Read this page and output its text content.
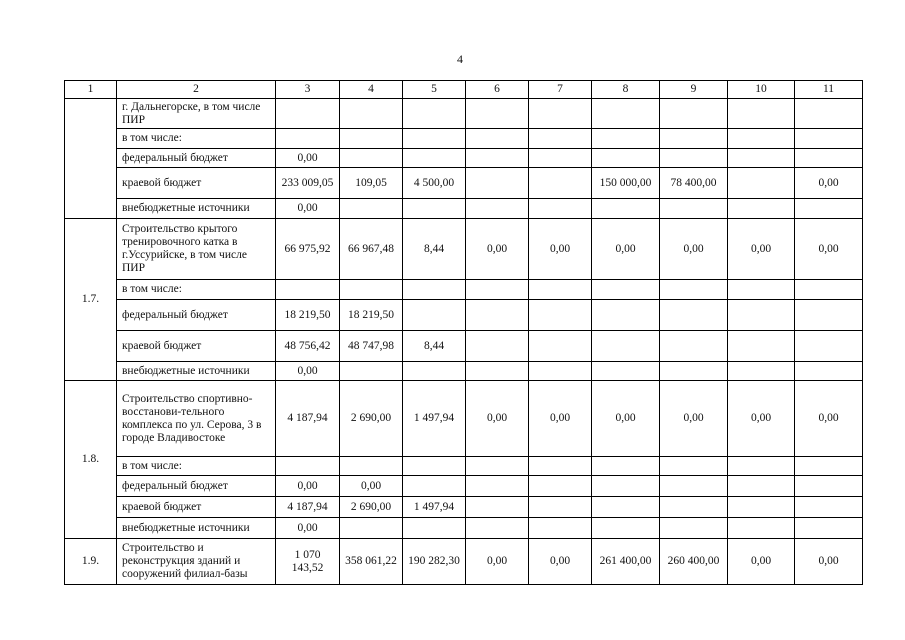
4
1	2	3	4	5	6	7	8	9	10	11
	г. Дальнегорске, в том числе ПИР									
	в том числе:									
	федеральный бюджет	0,00								
	краевой бюджет	233 009,05	109,05	4 500,00			150 000,00	78 400,00		0,00
	внебюджетные источники	0,00								
1.7.	Строительство крытого тренировочного катка в г.Уссурийске, в том числе ПИР	66 975,92	66 967,48	8,44	0,00	0,00	0,00	0,00	0,00	0,00
	в том числе:									
	федеральный бюджет	18 219,50	18 219,50							
	краевой бюджет	48 756,42	48 747,98	8,44						
	внебюджетные источники	0,00								
1.8.	Строительство спортивно-восстанови-тельного комплекса по ул. Серова, 3 в городе Владивостоке	4 187,94	2 690,00	1 497,94	0,00	0,00	0,00	0,00	0,00	0,00
	в том числе:									
	федеральный бюджет	0,00	0,00							
	краевой бюджет	4 187,94	2 690,00	1 497,94						
	внебюджетные источники	0,00								
1.9.	Строительство и реконструкция зданий и сооружений филиал-базы	1 070 143,52	358 061,22	190 282,30	0,00	0,00	261 400,00	260 400,00	0,00	0,00
